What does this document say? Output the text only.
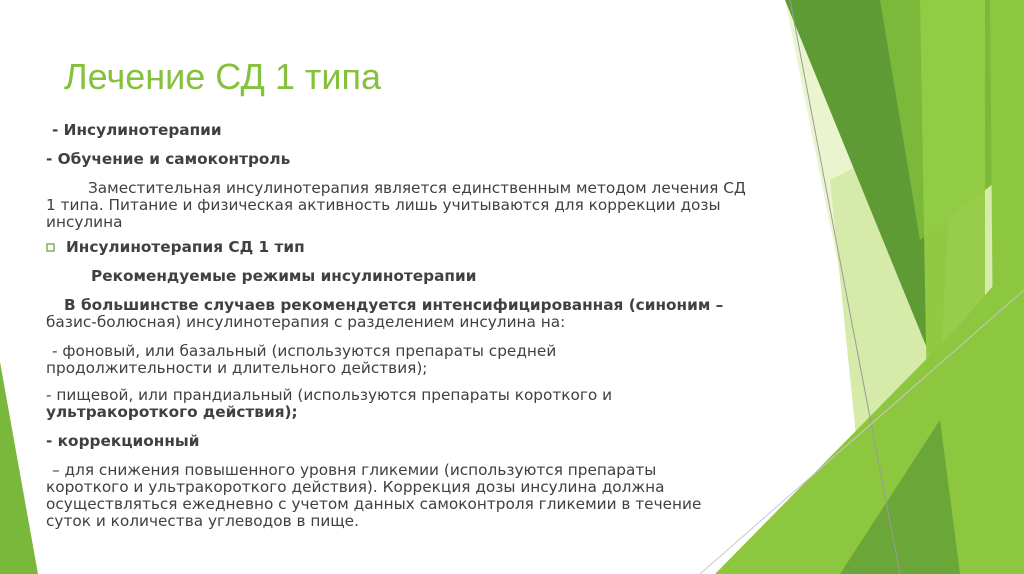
Лечение СД 1 типа
- Инсулинотерапии
- Обучение и самоконтроль
Заместительная инсулинотерапия является единственным методом лечения СД
1 типа. Питание и физическая активность лишь учитываются для коррекции дозы
инсулина
Инсулинотерапия СД 1 тип
Рекомендуемые режимы инсулинотерапии
В большинстве случаев рекомендуется интенсифицированная (синоним –
базис-болюсная) инсулинотерапия с разделением инсулина на:
- фоновый, или базальный (используются препараты средней
продолжительности и длительного действия);
- пищевой, или прандиальный (используются препараты короткого и
ультракороткого действия);
- коррекционный
– для снижения повышенного уровня гликемии (используются препараты
короткого и ультракороткого действия). Коррекция дозы инсулина должна
осуществляться ежедневно с учетом данных самоконтроля гликемии в течение
суток и количества углеводов в пище.
